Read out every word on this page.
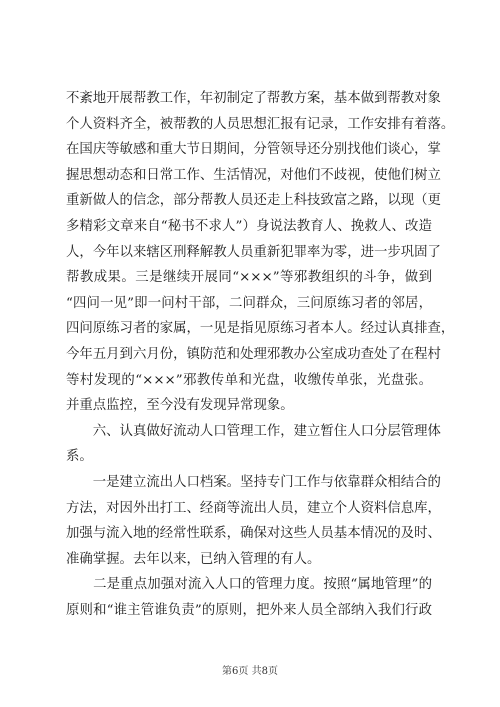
不紊地开展帮教工作，年初制定了帮教方案，基本做到帮教对象
个人资料齐全，被帮教的人员思想汇报有记录，工作安排有着落。
在国庆等敏感和重大节日期间，分管领导还分别找他们谈心，掌
握思想动态和日常工作、生活情况，对他们不歧视，使他们树立
重新做人的信念，部分帮教人员还走上科技致富之路，以现（更
多精彩文章来自“秘书不求人”）身说法教育人、挽救人、改造
人，今年以来辖区刑释解教人员重新犯罪率为零，进一步巩固了
帮教成果。三是继续开展同“×××”等邪教组织的斗争，做到
“四问一见”即一问村干部，二问群众，三问原练习者的邻居，
四问原练习者的家属，一见是指见原练习者本人。经过认真排查，
今年五月到六月份，镇防范和处理邪教办公室成功查处了在程村
等村发现的“×××”邪教传单和光盘，收缴传单张，光盘张。
并重点监控，至今没有发现异常现象。
　　六、认真做好流动人口管理工作，建立暂住人口分层管理体
系。
　　一是建立流出人口档案。坚持专门工作与依靠群众相结合的
方法，对因外出打工、经商等流出人员，建立个人资料信息库，
加强与流入地的经常性联系，确保对这些人员基本情况的及时、
准确掌握。去年以来，已纳入管理的有人。
　　二是重点加强对流入人口的管理力度。按照“属地管理”的
原则和“谁主管谁负责”的原则，把外来人员全部纳入我们行政
第6页 共8页
